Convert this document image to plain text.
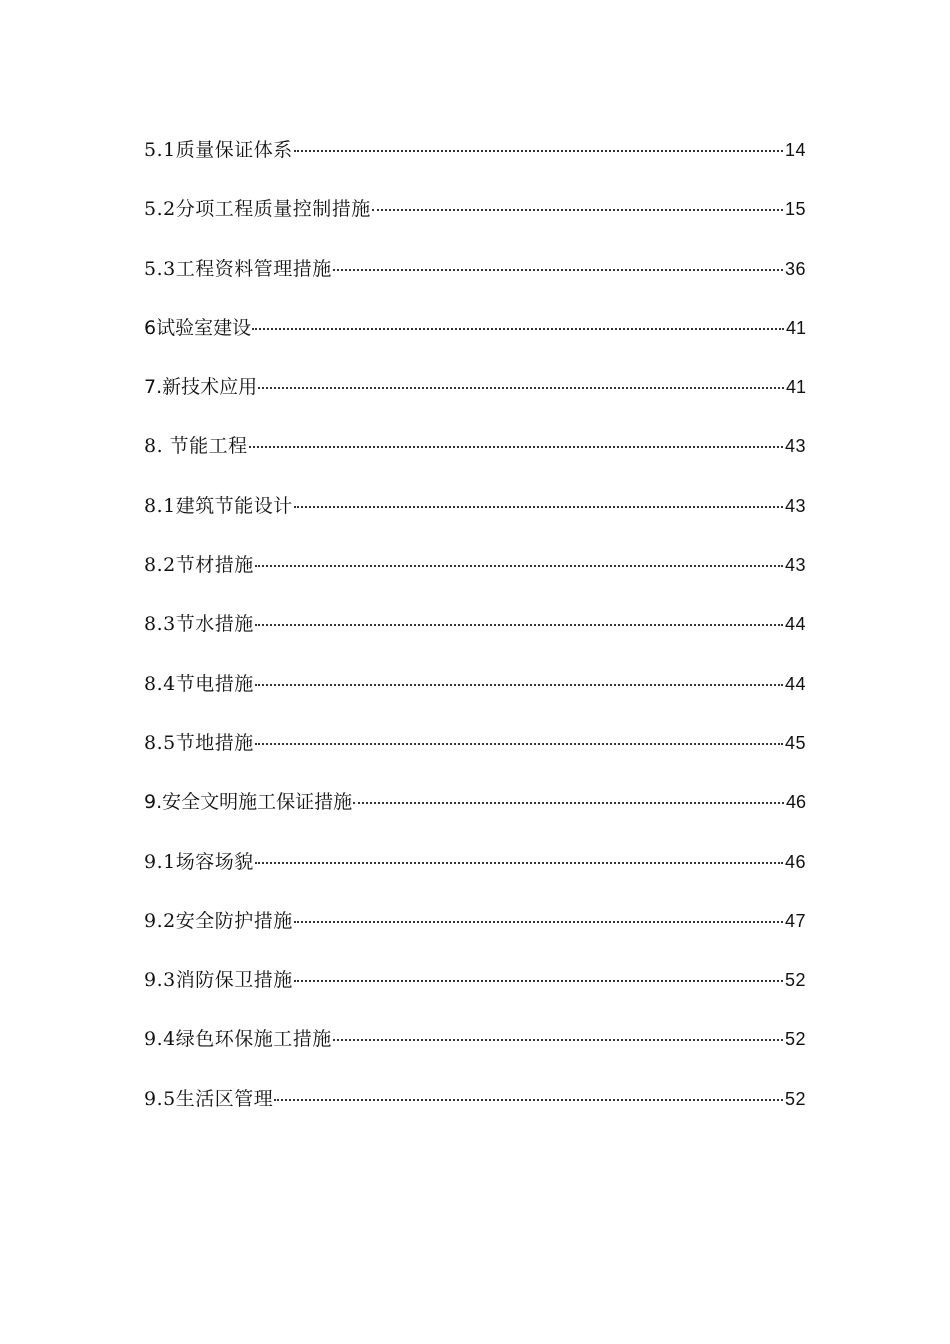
5.1质量保证体系	14
5.2分项工程质量控制措施	15
5.3工程资料管理措施	36
6试验室建设	41
7.新技术应用	41
8. 节能工程	43
8.1建筑节能设计	43
8.2节材措施	43
8.3节水措施	44
8.4节电措施	44
8.5节地措施	45
9.安全文明施工保证措施	46
9.1场容场貌	46
9.2安全防护措施	47
9.3消防保卫措施	52
9.4绿色环保施工措施	52
9.5生活区管理	52
